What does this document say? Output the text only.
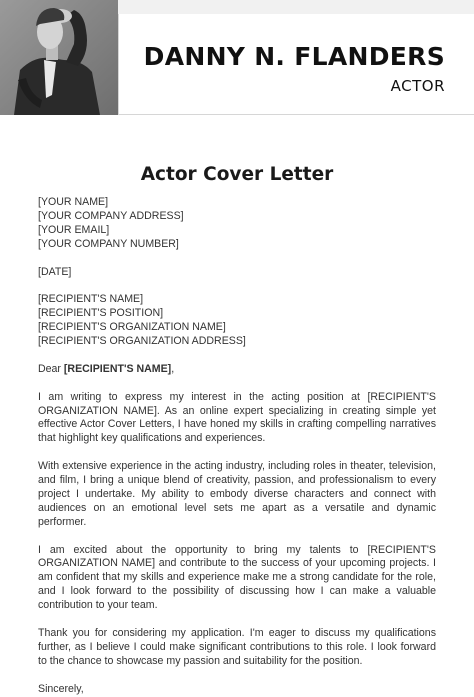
DANNY N. FLANDERS

ACTOR

Actor Cover Letter

[YOUR NAME]

[YOUR COMPANY ADDRESS]

[YOUR EMAIL]

[YOUR COMPANY NUMBER]

[DATE]

[RECIPIENT'S NAME]

[RECIPIENT'S POSITION]

[RECIPIENT'S ORGANIZATION NAME]

[RECIPIENT'S ORGANIZATION ADDRESS]

Dear [RECIPIENT'S NAME],

I am writing to express my interest in the acting position at [RECIPIENT'S ORGANIZATION NAME]. As an online expert specializing in creating simple yet effective Actor Cover Letters, I have honed my skills in crafting compelling narratives that highlight key qualifications and experiences.

With extensive experience in the acting industry, including roles in theater, television, and film, I bring a unique blend of creativity, passion, and professionalism to every project I undertake. My ability to embody diverse characters and connect with audiences on an emotional level sets me apart as a versatile and dynamic performer.

I am excited about the opportunity to bring my talents to [RECIPIENT'S ORGANIZATION NAME] and contribute to the success of your upcoming projects. I am confident that my skills and experience make me a strong candidate for the role, and I look forward to the possibility of discussing how I can make a valuable contribution to your team.

Thank you for considering my application. I'm eager to discuss my qualifications further, as I believe I could make significant contributions to this role. I look forward to the chance to showcase my passion and suitability for the position.

Sincerely,
